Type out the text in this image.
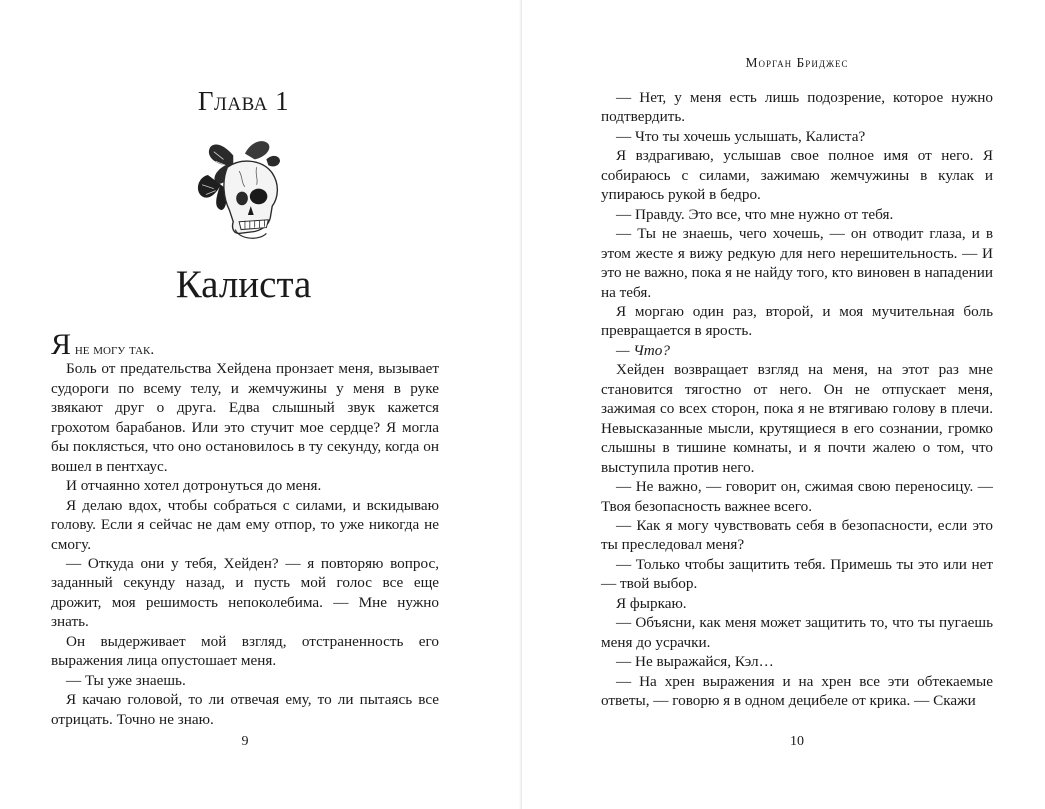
Глава 1
Калиста

Я не могу так.

Боль от предательства Хейдена пронзает меня, вызывает судороги по всему телу, и жемчужины у меня в руке звякают друг о друга. Едва слышный звук кажется грохотом барабанов. Или это стучит мое сердце? Я могла бы поклясться, что оно остановилось в ту секунду, когда он вошел в пентхаус.

И отчаянно хотел дотронуться до меня.

Я делаю вдох, чтобы собраться с силами, и вскидываю голову. Если я сейчас не дам ему отпор, то уже никогда не смогу.

— Откуда они у тебя, Хейден? — я повторяю вопрос, заданный секунду назад, и пусть мой голос все еще дрожит, моя решимость непоколебима. — Мне нужно знать.

Он выдерживает мой взгляд, отстраненность его выражения лица опустошает меня.

— Ты уже знаешь.

Я качаю головой, то ли отвечая ему, то ли пытаясь все отрицать. Точно не знаю.

9
Морган Бриджес

— Нет, у меня есть лишь подозрение, которое нужно подтвердить.

— Что ты хочешь услышать, Калиста?

Я вздрагиваю, услышав свое полное имя от него. Я собираюсь с силами, зажимаю жемчужины в кулак и упираюсь рукой в бедро.

— Правду. Это все, что мне нужно от тебя.

— Ты не знаешь, чего хочешь, — он отводит глаза, и в этом жесте я вижу редкую для него нерешительность. — И это не важно, пока я не найду того, кто виновен в нападении на тебя.

Я моргаю один раз, второй, и моя мучительная боль превращается в ярость.

— Что?

Хейден возвращает взгляд на меня, на этот раз мне становится тягостно от него. Он не отпускает меня, зажимая со всех сторон, пока я не втягиваю голову в плечи. Невысказанные мысли, крутящиеся в его сознании, громко слышны в тишине комнаты, и я почти жалею о том, что выступила против него.

— Не важно, — говорит он, сжимая свою переносицу. — Твоя безопасность важнее всего.

— Как я могу чувствовать себя в безопасности, если это ты преследовал меня?

— Только чтобы защитить тебя. Примешь ты это или нет — твой выбор.

Я фыркаю.

— Объясни, как меня может защитить то, что ты пугаешь меня до усрачки.

— Не выражайся, Кэл…

— На хрен выражения и на хрен все эти обтекаемые ответы, — говорю я в одном децибеле от крика. — Скажи

10
